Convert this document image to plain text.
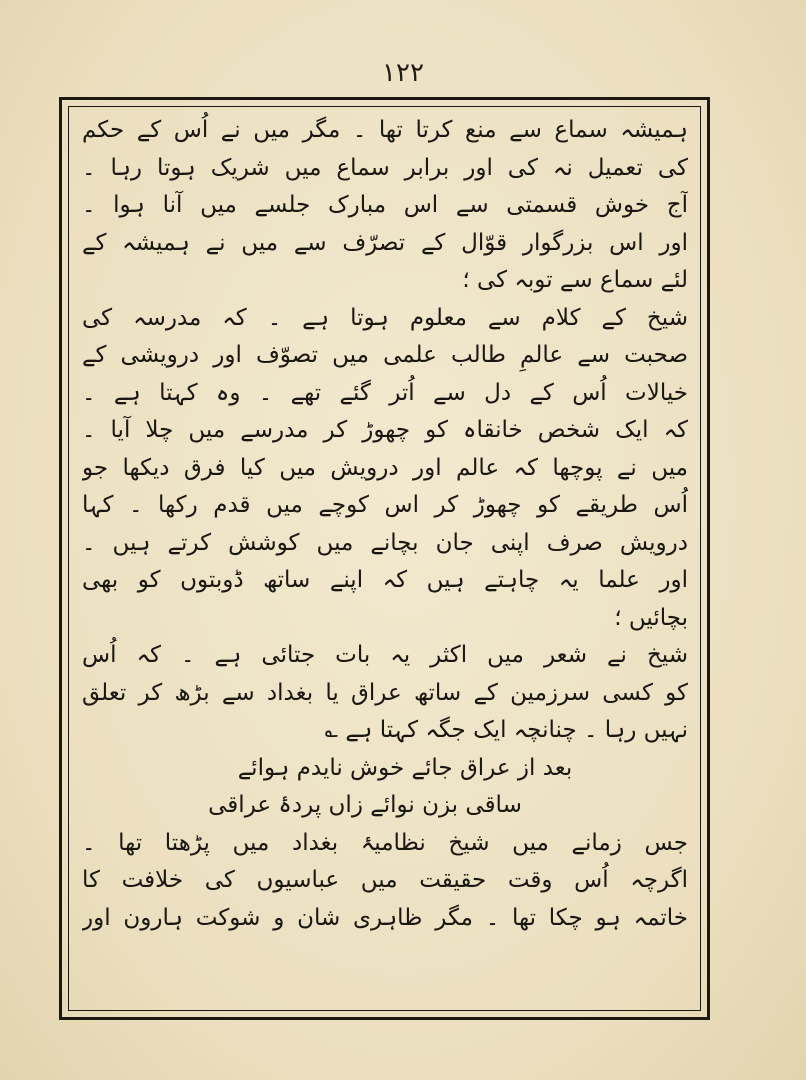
۱۲۲
ہمیشہ سماع سے منع کرتا تھا ۔ مگر میں نے اُس کے حکم
کی تعمیل نہ کی اور برابر سماع میں شریک ہوتا رہا ۔
آج خوش قسمتی سے اس مبارک جلسے میں آنا ہوا ۔
اور اس بزرگوار قوّال کے تصرّف سے میں نے ہمیشہ کے
لئے سماع سے توبہ کی ؛
شیخ کے کلام سے معلوم ہوتا ہے ۔ کہ مدرسہ کی
صحبت سے عالمِ طالب علمی میں تصوّف اور درویشی کے
خیالات اُس کے دل سے اُتر گئے تھے ۔ وہ کہتا ہے ۔
کہ ایک شخص خانقاہ کو چھوڑ کر مدرسے میں چلا آیا ۔
میں نے پوچھا کہ عالم اور درویش میں کیا فرق دیکھا جو
اُس طریقے کو چھوڑ کر اس کوچے میں قدم رکھا ۔ کہا
درویش صرف اپنی جان بچانے میں کوشش کرتے ہیں ۔
اور علما یہ چاہتے ہیں کہ اپنے ساتھ ڈوبتوں کو بھی
بچائیں ؛
شیخ نے شعر میں اکثر یہ بات جتائی ہے ۔ کہ اُس
کو کسی سرزمین کے ساتھ عراق یا بغداد سے بڑھ کر تعلق
نہیں رہا ۔ چنانچہ ایک جگہ کہتا ہے ؎
بعد از عراق جائے خوش نایدم ہوائے
ساقی بزن نوائے زاں پردۂ عراقی
جس زمانے میں شیخ نظامیۂ بغداد میں پڑھتا تھا ۔
اگرچہ اُس وقت حقیقت میں عباسیوں کی خلافت کا
خاتمہ ہو چکا تھا ۔ مگر ظاہری شان و شوکت ہارون اور
